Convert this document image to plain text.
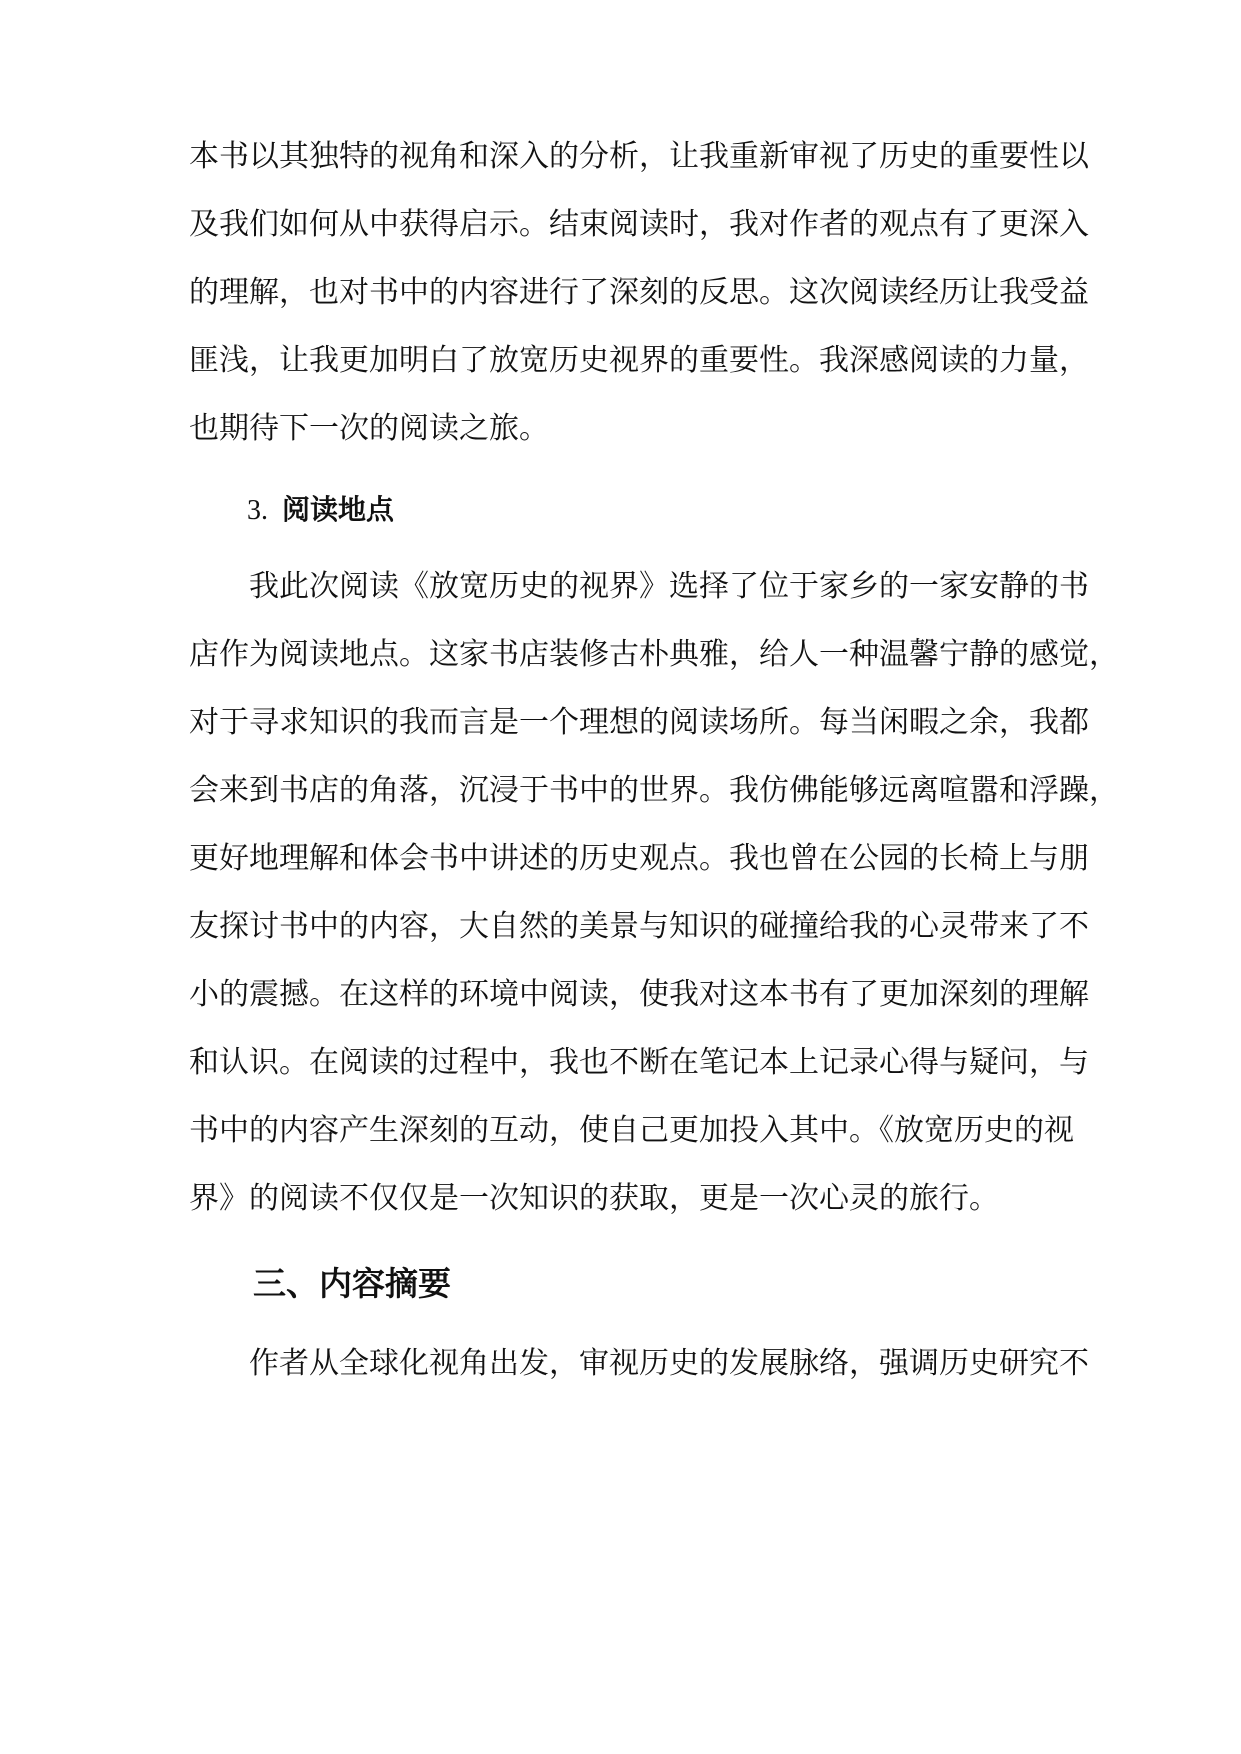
本书以其独特的视角和深入的分析，让我重新审视了历史的重要性以
及我们如何从中获得启示。结束阅读时，我对作者的观点有了更深入
的理解，也对书中的内容进行了深刻的反思。这次阅读经历让我受益
匪浅，让我更加明白了放宽历史视界的重要性。我深感阅读的力量，
也期待下一次的阅读之旅。
3. 阅读地点
我此次阅读《放宽历史的视界》选择了位于家乡的一家安静的书
店作为阅读地点。这家书店装修古朴典雅，给人一种温馨宁静的感觉，
对于寻求知识的我而言是一个理想的阅读场所。每当闲暇之余，我都
会来到书店的角落，沉浸于书中的世界。我仿佛能够远离喧嚣和浮躁，
更好地理解和体会书中讲述的历史观点。我也曾在公园的长椅上与朋
友探讨书中的内容，大自然的美景与知识的碰撞给我的心灵带来了不
小的震撼。在这样的环境中阅读，使我对这本书有了更加深刻的理解
和认识。在阅读的过程中，我也不断在笔记本上记录心得与疑问，与
书中的内容产生深刻的互动，使自己更加投入其中。《放宽历史的视
界》的阅读不仅仅是一次知识的获取，更是一次心灵的旅行。
三、内容摘要
作者从全球化视角出发，审视历史的发展脉络，强调历史研究不
